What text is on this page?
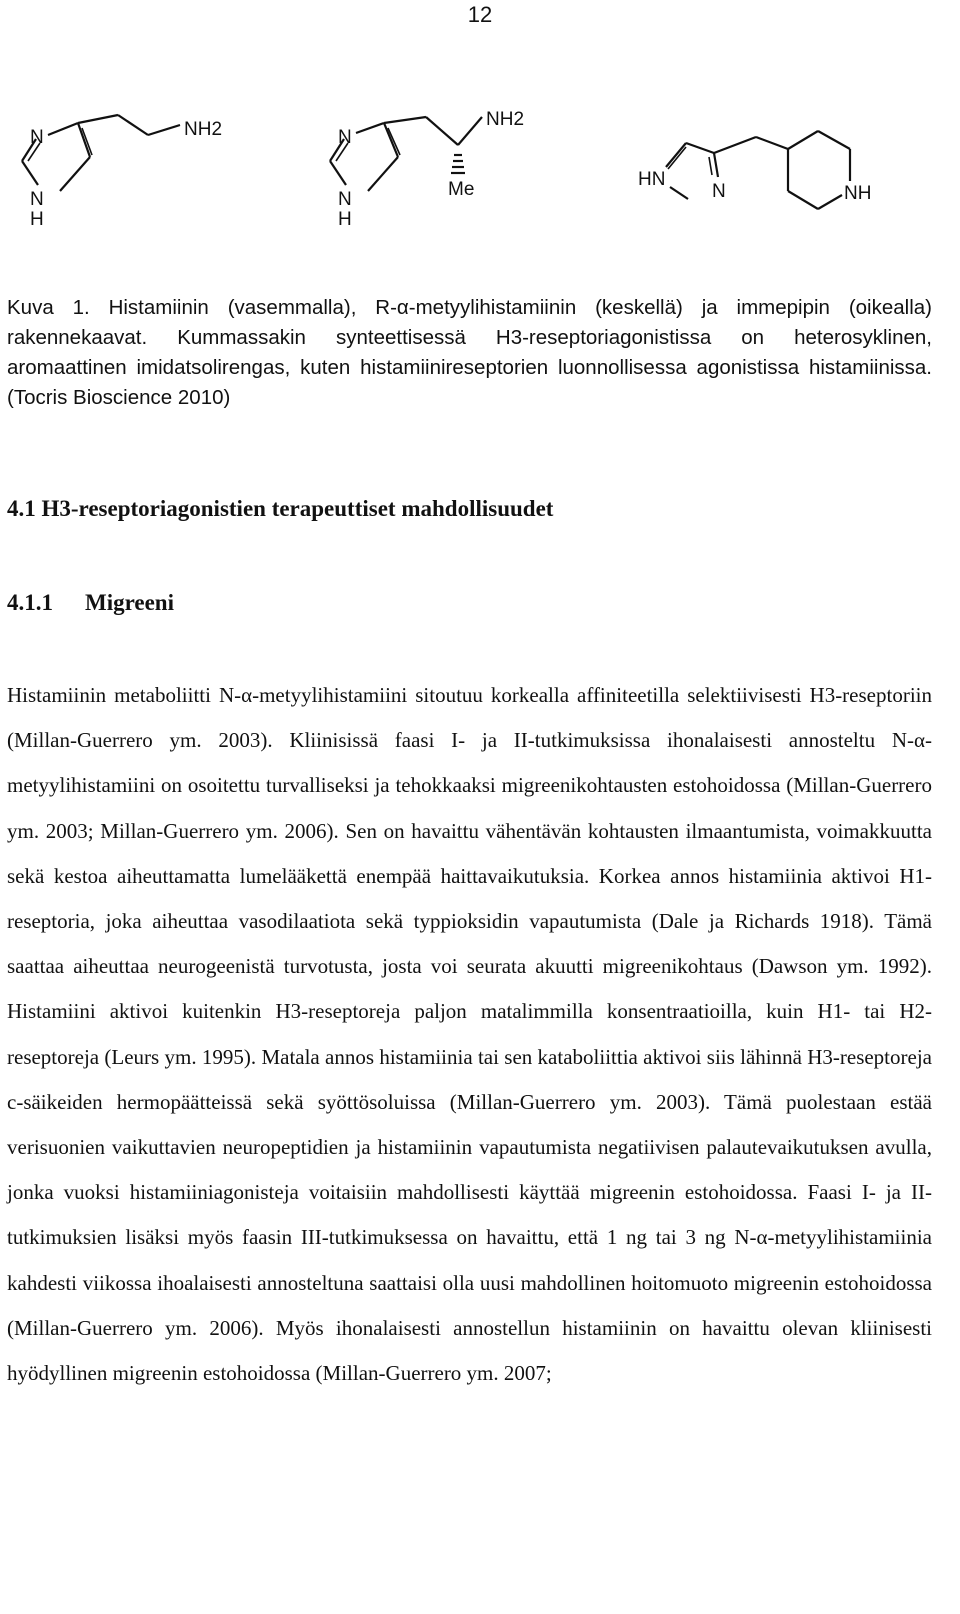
12
N
N
H
NH2	N
N
H
NH2
Me	HN
N	NH

Kuva 1. Histamiinin (vasemmalla), R-α-metyylihistamiinin (keskellä) ja immepipin (oikealla) rakennekaavat. Kummassakin synteettisessä H3-reseptoriagonistissa on heterosyklinen, aromaattinen imidatsolirengas, kuten histamiinireseptorien luonnollisessa agonistissa histamiinissa. (Tocris Bioscience 2010)

4.1 H3-reseptoriagonistien terapeuttiset mahdollisuudet
4.1.1 Migreeni

Histamiinin metaboliitti N-α-metyylihistamiini sitoutuu korkealla affiniteetilla selektiivisesti H3-reseptoriin (Millan-Guerrero ym. 2003). Kliinisissä faasi I- ja II-tutkimuksissa ihonalaisesti annosteltu N-α-metyylihistamiini on osoitettu turvalliseksi ja tehokkaaksi migreenikohtausten estohoidossa (Millan-Guerrero ym. 2003; Millan-Guerrero ym. 2006). Sen on havaittu vähentävän kohtausten ilmaantumista, voimakkuutta sekä kestoa aiheuttamatta lumelääkettä enempää haittavaikutuksia. Korkea annos histamiinia aktivoi H1-reseptoria, joka aiheuttaa vasodilaatiota sekä typpioksidin vapautumista (Dale ja Richards 1918). Tämä saattaa aiheuttaa neurogeenistä turvotusta, josta voi seurata akuutti migreenikohtaus (Dawson ym. 1992). Histamiini aktivoi kuitenkin H3-reseptoreja paljon matalimmilla konsentraatioilla, kuin H1- tai H2-reseptoreja (Leurs ym. 1995). Matala annos histamiinia tai sen kataboliittia aktivoi siis lähinnä H3-reseptoreja c-säikeiden hermopäätteissä sekä syöttösoluissa (Millan-Guerrero ym. 2003). Tämä puolestaan estää verisuonien vaikuttavien neuropeptidien ja histamiinin vapautumista negatiivisen palautevaikutuksen avulla, jonka vuoksi histamiiniagonisteja voitaisiin mahdollisesti käyttää migreenin estohoidossa. Faasi I- ja II- tutkimuksien lisäksi myös faasin III-tutkimuksessa on havaittu, että 1 ng tai 3 ng N-α-metyylihistamiinia kahdesti viikossa ihoalaisesti annosteltuna saattaisi olla uusi mahdollinen hoitomuoto migreenin estohoidossa (Millan-Guerrero ym. 2006). Myös ihonalaisesti annostellun histamiinin on havaittu olevan kliinisesti hyödyllinen migreenin estohoidossa (Millan-Guerrero ym. 2007;
